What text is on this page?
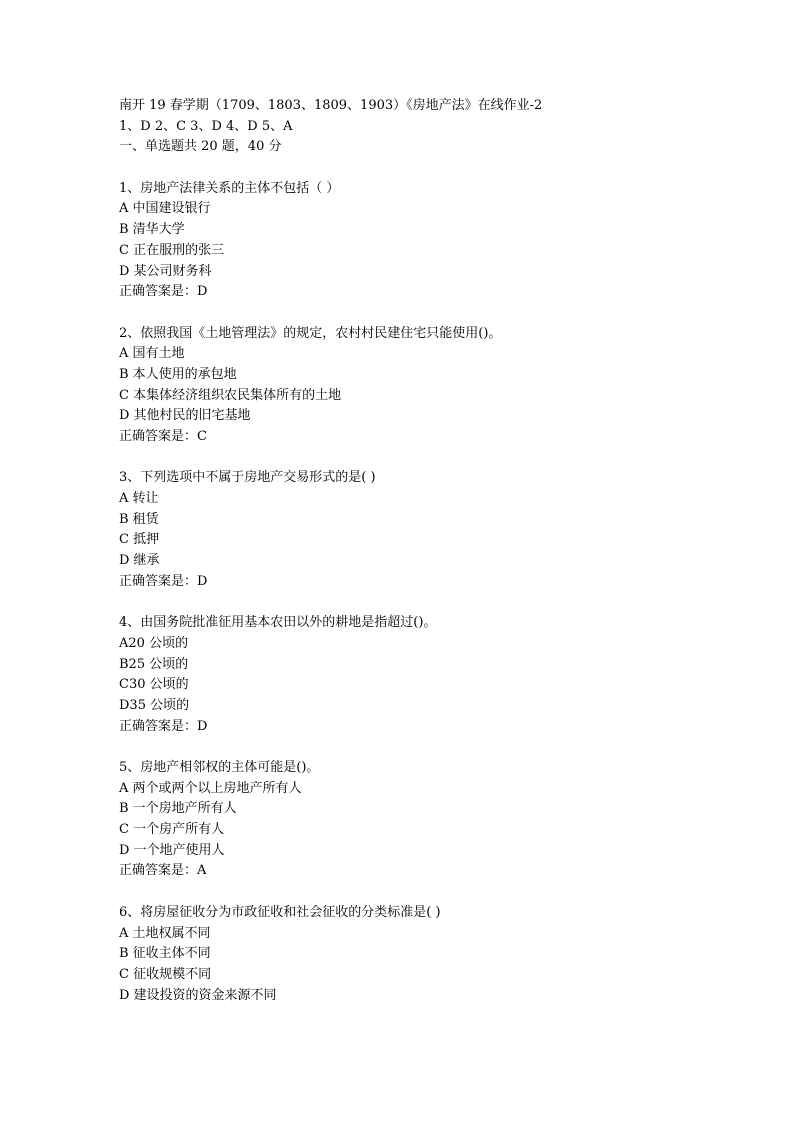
南开 19 春学期（1709、1803、1809、1903）《房地产法》在线作业-2
1、D 2、C 3、D 4、D 5、A
一、单选题共 20 题，40 分
1、房地产法律关系的主体不包括（ ）
A 中国建设银行
B 清华大学
C 正在服刑的张三
D 某公司财务科
正确答案是：D
2、依照我国《土地管理法》的规定，农村村民建住宅只能使用()。
A 国有土地
B 本人使用的承包地
C 本集体经济组织农民集体所有的土地
D 其他村民的旧宅基地
正确答案是：C
3、下列选项中不属于房地产交易形式的是( )
A 转让
B 租赁
C 抵押
D 继承
正确答案是：D
4、由国务院批准征用基本农田以外的耕地是指超过()。
A20 公顷的
B25 公顷的
C30 公顷的
D35 公顷的
正确答案是：D
5、房地产相邻权的主体可能是()。
A 两个或两个以上房地产所有人
B 一个房地产所有人
C 一个房产所有人
D 一个地产使用人
正确答案是：A
6、将房屋征收分为市政征收和社会征收的分类标准是( )
A 土地权属不同
B 征收主体不同
C 征收规模不同
D 建设投资的资金来源不同
